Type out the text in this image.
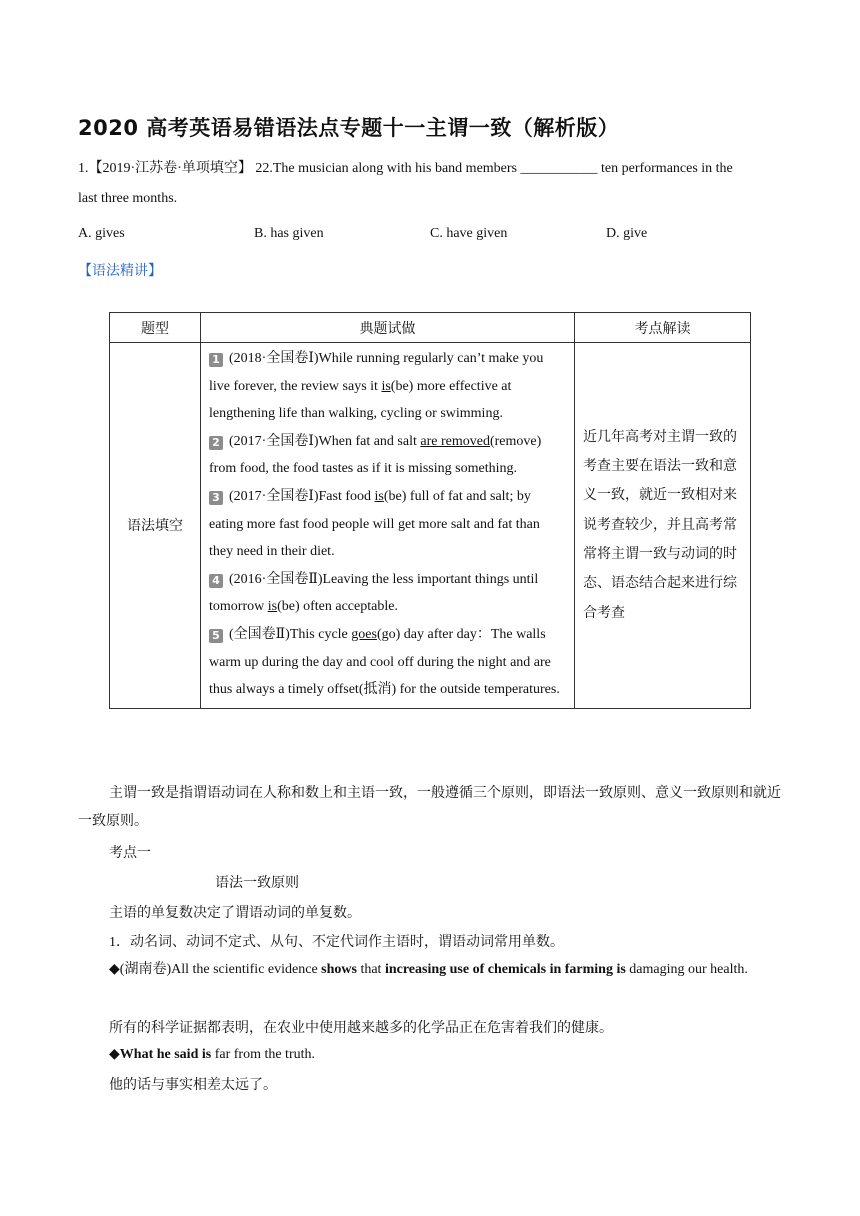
2020 高考英语易错语法点专题十一主谓一致（解析版）
1.【2019·江苏卷·单项填空】 22.The musician along with his band members ___________ ten performances in the
last three months.
A. gives	B. has given	C. have given	D. give
【语法精讲】
题型	典题试做	考点解读
语法填空	1 (2018·全国卷Ⅰ)While running regularly can’t make you live forever, the review says it is(be) more effective at lengthening life than walking, cycling or swimming.
2 (2017·全国卷Ⅰ)When fat and salt are removed(remove) from food, the food tastes as if it is missing something.
3 (2017·全国卷Ⅰ)Fast food is(be) full of fat and salt; by eating more fast food people will get more salt and fat than they need in their diet.
4 (2016·全国卷Ⅱ)Leaving the less important things until tomorrow is(be) often acceptable.
5 (全国卷Ⅱ)This cycle goes(go) day after day：The walls warm up during the day and cool off during the night and are thus always a timely offset(抵消) for the outside temperatures.	近几年高考对主谓一致的考查主要在语法一致和意义一致，就近一致相对来说考查较少，并且高考常常将主谓一致与动词的时态、语态结合起来进行综合考查
主谓一致是指谓语动词在人称和数上和主语一致，一般遵循三个原则，即语法一致原则、意义一致原则和就近一致原则。
考点一
语法一致原则
主语的单复数决定了谓语动词的单复数。
1．动名词、动词不定式、从句、不定代词作主语时，谓语动词常用单数。
◆(湖南卷)All the scientific evidence shows that increasing use of chemicals in farming is damaging our health.
所有的科学证据都表明，在农业中使用越来越多的化学品正在危害着我们的健康。
◆What he said is far from the truth.
他的话与事实相差太远了。
